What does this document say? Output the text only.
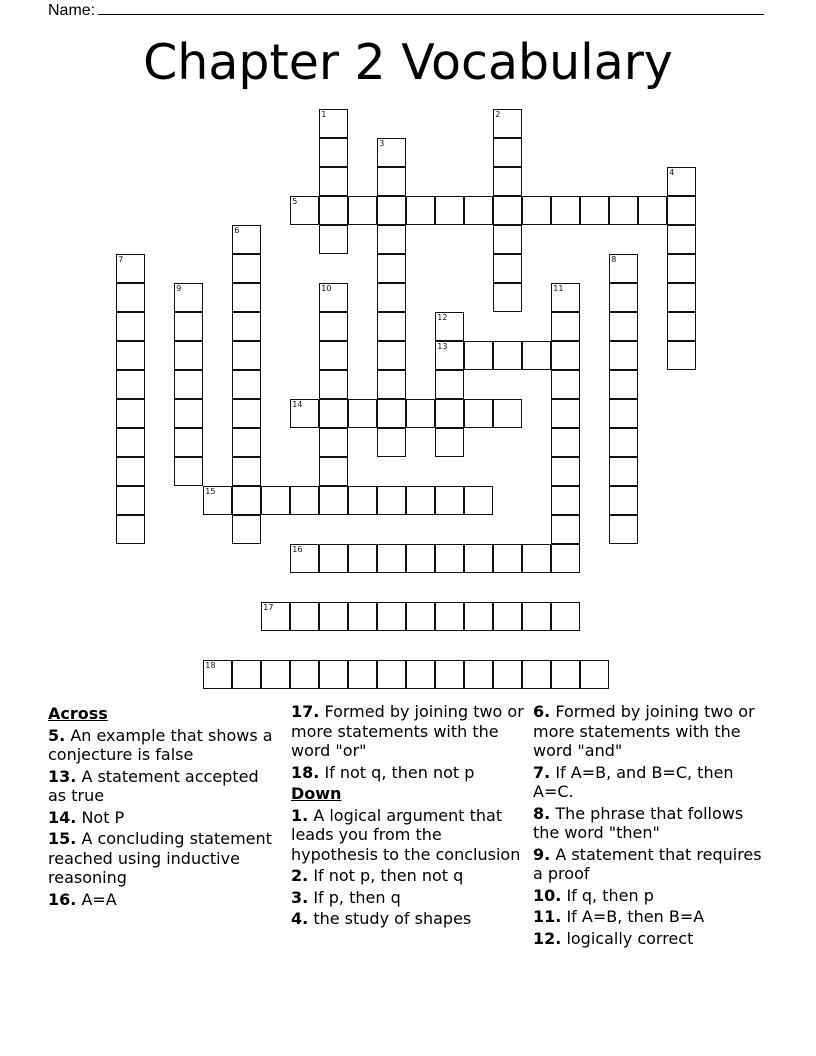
Name:
Chapter 2 Vocabulary
1	2
3
4
5
6
7	8
9	10	11
12
13
14
15
16
17
18
Across
5. An example that shows a conjecture is false
13. A statement accepted as true
14. Not P
15. A concluding statement reached using inductive reasoning
16. A=A
17. Formed by joining two or more statements with the word "or"
18. If not q, then not p
Down
1. A logical argument that leads you from the hypothesis to the conclusion
2. If not p, then not q
3. If p, then q
4. the study of shapes
6. Formed by joining two or more statements with the word "and"
7. If A=B, and B=C, then A=C.
8. The phrase that follows the word "then"
9. A statement that requires a proof
10. If q, then p
11. If A=B, then B=A
12. logically correct
